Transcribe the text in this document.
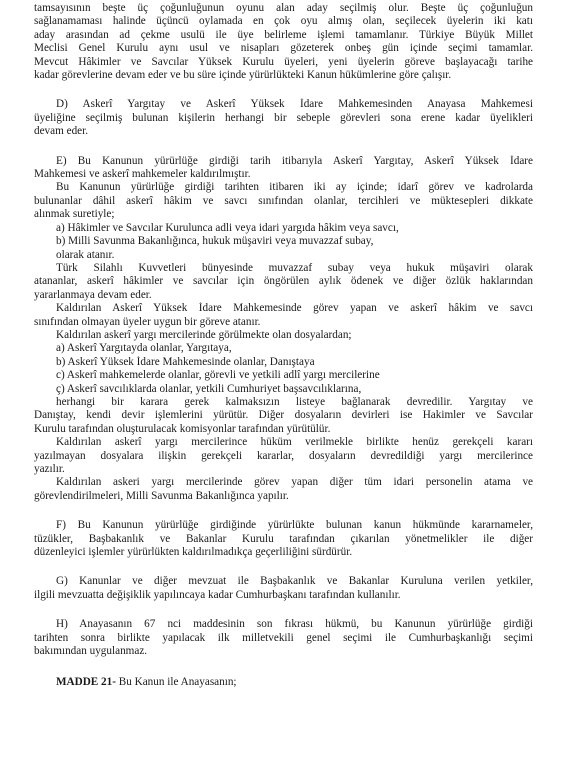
tamsayısının beşte üç çoğunluğunun oyunu alan aday seçilmiş olur. Beşte üç çoğunluğun
sağlanamaması halinde üçüncü oylamada en çok oyu almış olan, seçilecek üyelerin iki katı
aday arasından ad çekme usulü ile üye belirleme işlemi tamamlanır. Türkiye Büyük Millet
Meclisi Genel Kurulu aynı usul ve nisapları gözeterek onbeş gün içinde seçimi tamamlar.
Mevcut Hâkimler ve Savcılar Yüksek Kurulu üyeleri, yeni üyelerin göreve başlayacağı tarihe
kadar görevlerine devam eder ve bu süre içinde yürürlükteki Kanun hükümlerine göre çalışır.
D) Askerî Yargıtay ve Askerî Yüksek İdare Mahkemesinden Anayasa Mahkemesi
üyeliğine seçilmiş bulunan kişilerin herhangi bir sebeple görevleri sona erene kadar üyelikleri
devam eder.
E) Bu Kanunun yürürlüğe girdiği tarih itibarıyla Askerî Yargıtay, Askerî Yüksek İdare
Mahkemesi ve askerî mahkemeler kaldırılmıştır.
Bu Kanunun yürürlüğe girdiği tarihten itibaren iki ay içinde; idarî görev ve kadrolarda
bulunanlar dâhil askerî hâkim ve savcı sınıfından olanlar, tercihleri ve müktesepleri dikkate
alınmak suretiyle;
a) Hâkimler ve Savcılar Kurulunca adli veya idari yargıda hâkim veya savcı,
b) Milli Savunma Bakanlığınca, hukuk müşaviri veya muvazzaf subay,
olarak atanır.
Türk Silahlı Kuvvetleri bünyesinde muvazzaf subay veya hukuk müşaviri olarak
atananlar, askerî hâkimler ve savcılar için öngörülen aylık ödenek ve diğer özlük haklarından
yararlanmaya devam eder.
Kaldırılan Askerî Yüksek İdare Mahkemesinde görev yapan ve askerî hâkim ve savcı
sınıfından olmayan üyeler uygun bir göreve atanır.
Kaldırılan askerî yargı mercilerinde görülmekte olan dosyalardan;
a) Askerî Yargıtayda olanlar, Yargıtaya,
b) Askerî Yüksek İdare Mahkemesinde olanlar, Danıştaya
c) Askerî mahkemelerde olanlar, görevli ve yetkili adlî yargı mercilerine
ç) Askerî savcılıklarda olanlar, yetkili Cumhuriyet başsavcılıklarına,
herhangi bir karara gerek kalmaksızın listeye bağlanarak devredilir. Yargıtay ve
Danıştay, kendi devir işlemlerini yürütür. Diğer dosyaların devirleri ise Hakimler ve Savcılar
Kurulu tarafından oluşturulacak komisyonlar tarafından yürütülür.
Kaldırılan askerî yargı mercilerince hüküm verilmekle birlikte henüz gerekçeli kararı
yazılmayan dosyalara ilişkin gerekçeli kararlar, dosyaların devredildiği yargı mercilerince
yazılır.
Kaldırılan askeri yargı mercilerinde görev yapan diğer tüm idari personelin atama ve
görevlendirilmeleri, Milli Savunma Bakanlığınca yapılır.
F) Bu Kanunun yürürlüğe girdiğinde yürürlükte bulunan kanun hükmünde kararnameler,
tüzükler, Başbakanlık ve Bakanlar Kurulu tarafından çıkarılan yönetmelikler ile diğer
düzenleyici işlemler yürürlükten kaldırılmadıkça geçerliliğini sürdürür.
G) Kanunlar ve diğer mevzuat ile Başbakanlık ve Bakanlar Kuruluna verilen yetkiler,
ilgili mevzuatta değişiklik yapılıncaya kadar Cumhurbaşkanı tarafından kullanılır.
H) Anayasanın 67 nci maddesinin son fıkrası hükmü, bu Kanunun yürürlüğe girdiği
tarihten sonra birlikte yapılacak ilk milletvekili genel seçimi ile Cumhurbaşkanlığı seçimi
bakımından uygulanmaz.
MADDE 21- Bu Kanun ile Anayasanın;
